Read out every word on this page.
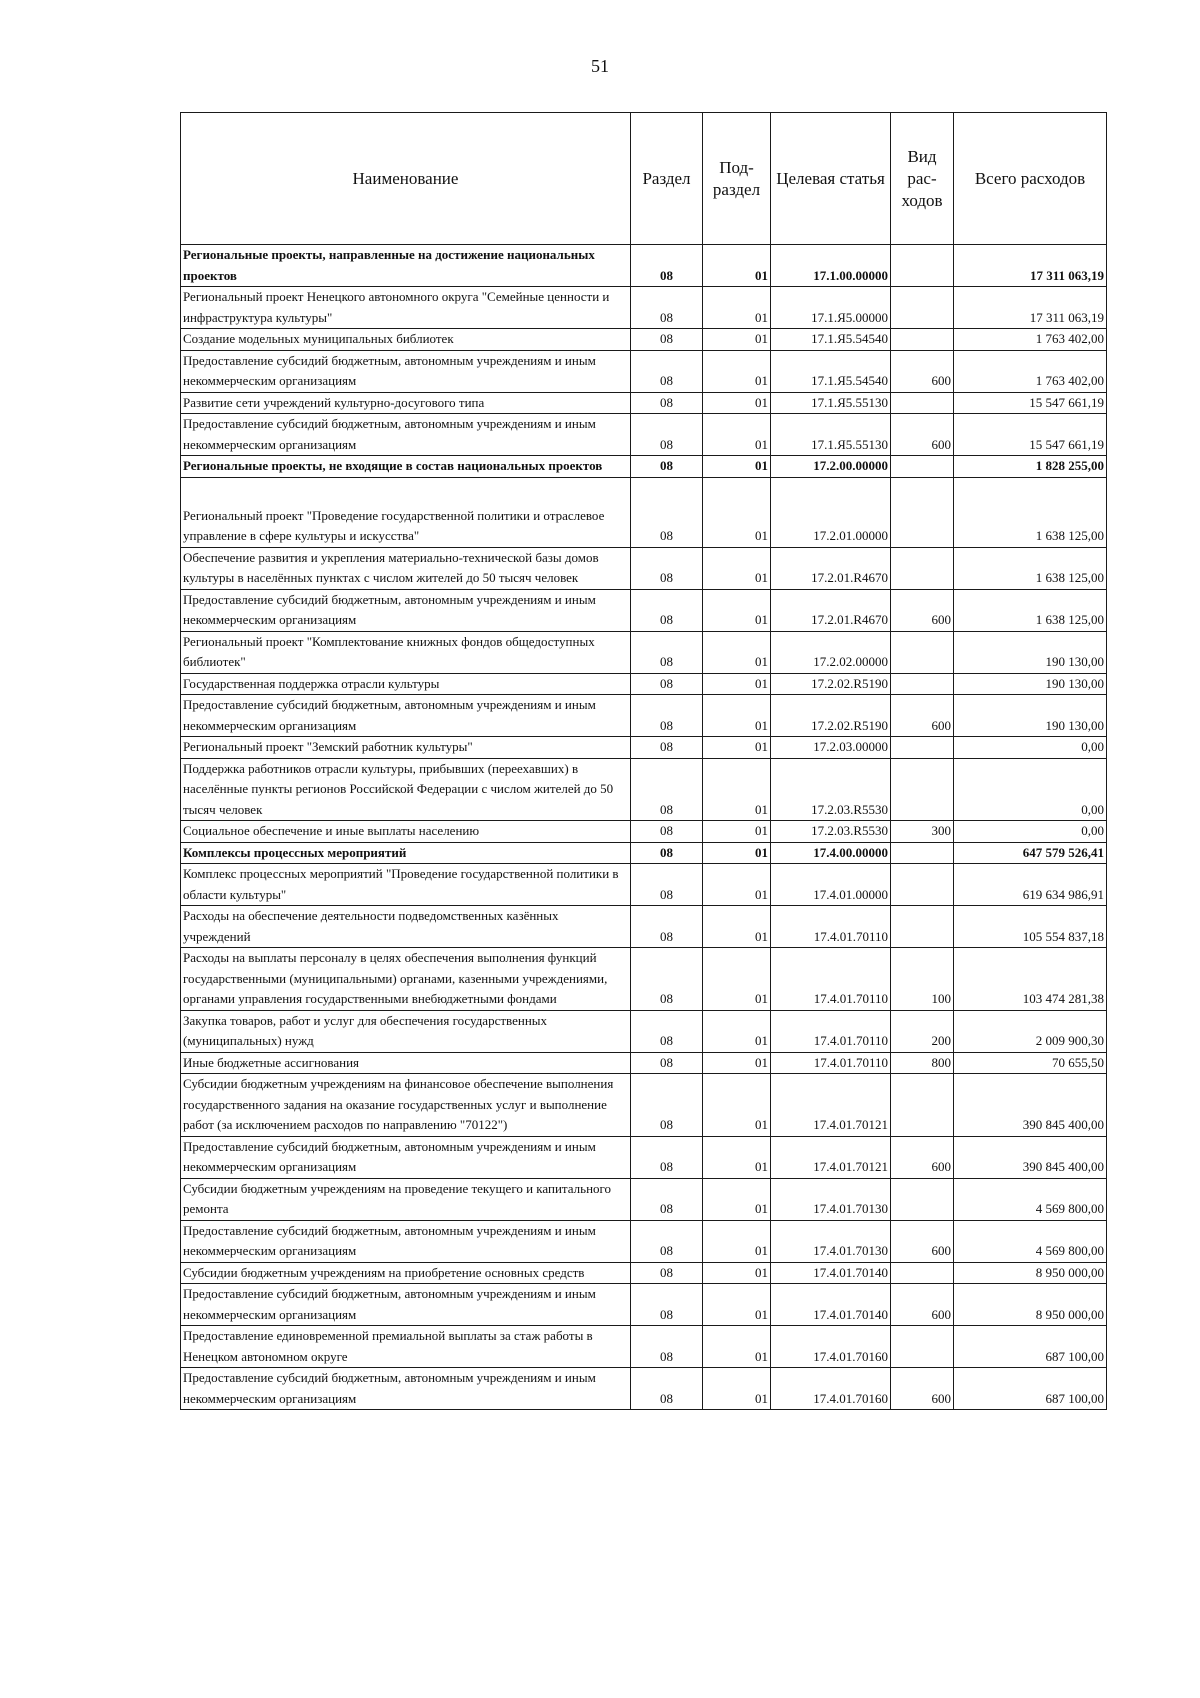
51
Наименование	Раздел	Под-раздел	Целевая статья	Вид рас-ходов	Всего расходов
Региональные проекты, направленные на достижение национальных проектов	08	01	17.1.00.00000		17 311 063,19
Региональный проект Ненецкого автономного округа "Семейные ценности и инфраструктура культуры"	08	01	17.1.Я5.00000		17 311 063,19
Создание модельных муниципальных библиотек	08	01	17.1.Я5.54540		1 763 402,00
Предоставление субсидий бюджетным, автономным учреждениям и иным некоммерческим организациям	08	01	17.1.Я5.54540	600	1 763 402,00
Развитие сети учреждений культурно-досугового типа	08	01	17.1.Я5.55130		15 547 661,19
Предоставление субсидий бюджетным, автономным учреждениям и иным некоммерческим организациям	08	01	17.1.Я5.55130	600	15 547 661,19
Региональные проекты, не входящие в состав национальных проектов	08	01	17.2.00.00000		1 828 255,00
Региональный проект "Проведение государственной политики и отраслевое управление в сфере культуры и искусства"	08	01	17.2.01.00000		1 638 125,00
Обеспечение развития и укрепления материально-технической базы домов культуры в населённых пунктах с числом жителей до 50 тысяч человек	08	01	17.2.01.R4670		1 638 125,00
Предоставление субсидий бюджетным, автономным учреждениям и иным некоммерческим организациям	08	01	17.2.01.R4670	600	1 638 125,00
Региональный проект "Комплектование книжных фондов общедоступных библиотек"	08	01	17.2.02.00000		190 130,00
Государственная поддержка отрасли культуры	08	01	17.2.02.R5190		190 130,00
Предоставление субсидий бюджетным, автономным учреждениям и иным некоммерческим организациям	08	01	17.2.02.R5190	600	190 130,00
Региональный проект "Земский работник культуры"	08	01	17.2.03.00000		0,00
Поддержка работников отрасли культуры, прибывших (переехавших) в населённые пункты регионов Российской Федерации с числом жителей до 50 тысяч человек	08	01	17.2.03.R5530		0,00
Социальное обеспечение и иные выплаты населению	08	01	17.2.03.R5530	300	0,00
Комплексы процессных мероприятий	08	01	17.4.00.00000		647 579 526,41
Комплекс процессных мероприятий "Проведение государственной политики в области культуры"	08	01	17.4.01.00000		619 634 986,91
Расходы на обеспечение деятельности подведомственных казённых учреждений	08	01	17.4.01.70110		105 554 837,18
Расходы на выплаты персоналу в целях обеспечения выполнения функций государственными (муниципальными) органами, казенными учреждениями, органами управления государственными внебюджетными фондами	08	01	17.4.01.70110	100	103 474 281,38
Закупка товаров, работ и услуг для обеспечения государственных (муниципальных) нужд	08	01	17.4.01.70110	200	2 009 900,30
Иные бюджетные ассигнования	08	01	17.4.01.70110	800	70 655,50
Субсидии бюджетным учреждениям на финансовое обеспечение выполнения государственного задания на оказание государственных услуг и выполнение работ (за исключением расходов по направлению "70122")	08	01	17.4.01.70121		390 845 400,00
Предоставление субсидий бюджетным, автономным учреждениям и иным некоммерческим организациям	08	01	17.4.01.70121	600	390 845 400,00
Субсидии бюджетным учреждениям на проведение текущего и капитального ремонта	08	01	17.4.01.70130		4 569 800,00
Предоставление субсидий бюджетным, автономным учреждениям и иным некоммерческим организациям	08	01	17.4.01.70130	600	4 569 800,00
Субсидии бюджетным учреждениям на приобретение основных средств	08	01	17.4.01.70140		8 950 000,00
Предоставление субсидий бюджетным, автономным учреждениям и иным некоммерческим организациям	08	01	17.4.01.70140	600	8 950 000,00
Предоставление единовременной премиальной выплаты за стаж работы в Ненецком автономном округе	08	01	17.4.01.70160		687 100,00
Предоставление субсидий бюджетным, автономным учреждениям и иным некоммерческим организациям	08	01	17.4.01.70160	600	687 100,00
